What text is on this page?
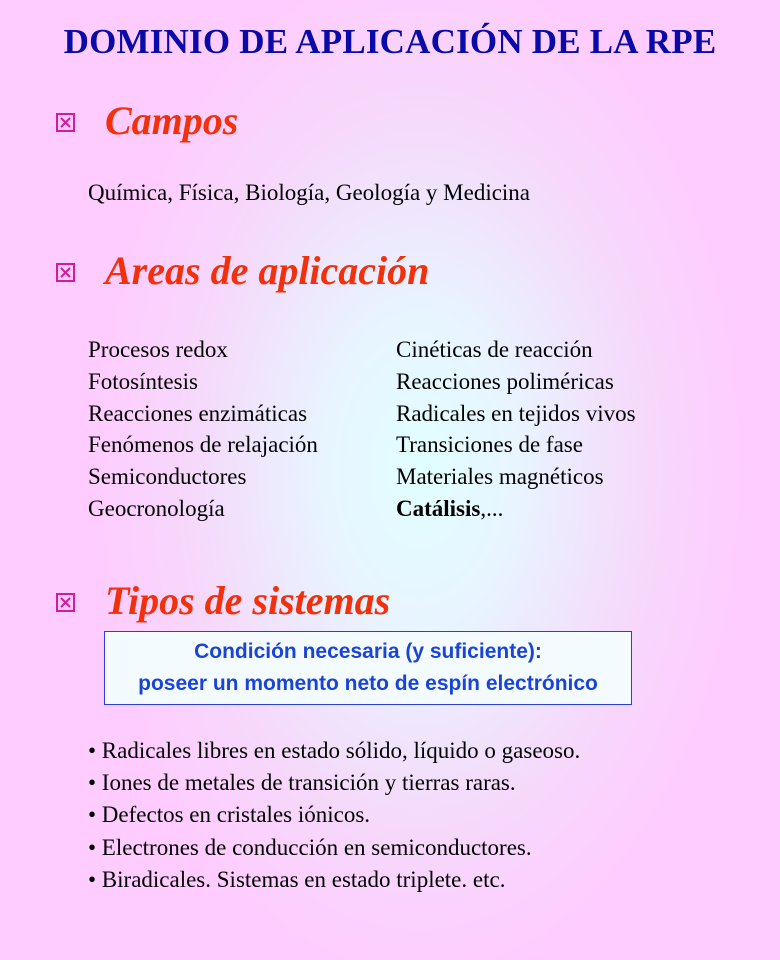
DOMINIO DE APLICACIÓN DE LA RPE
Campos
Química, Física, Biología, Geología y Medicina
Areas de aplicación
Procesos redox
Fotosíntesis
Reacciones enzimáticas
Fenómenos de relajación
Semiconductores
Geocronología
Cinéticas de reacción
Reacciones poliméricas
Radicales en tejidos vivos
Transiciones de fase
Materiales magnéticos
Catálisis,...
Tipos de sistemas
Condición necesaria (y suficiente):
poseer un momento neto de espín electrónico
• Radicales libres en estado sólido, líquido o gaseoso.
• Iones de metales de transición y tierras raras.
• Defectos en cristales iónicos.
• Electrones de conducción en semiconductores.
• Biradicales. Sistemas en estado triplete. etc.
